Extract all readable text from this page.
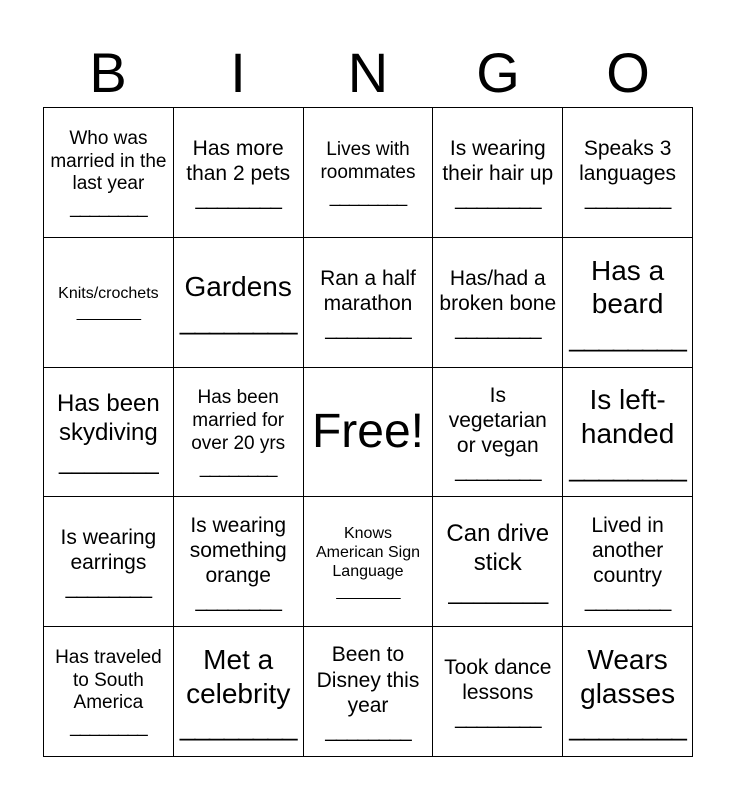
B	I	N	G	O
Who was married in the last year
________
Has more than 2 pets
________
Lives with roommates
________
Is wearing their hair up
________
Speaks 3 languages
________
Knits/crochets
________
Gardens
________
Ran a half marathon
________
Has/had a broken bone
________
Has a beard
________
Has been skydiving
________
Has been married for over 20 yrs
________
Free!
Is vegetarian or vegan
________
Is left-handed
________
Is wearing earrings
________
Is wearing something orange
________
Knows American Sign Language
________
Can drive stick
________
Lived in another country
________
Has traveled to South America
________
Met a celebrity
________
Been to Disney this year
________
Took dance lessons
________
Wears glasses
________
